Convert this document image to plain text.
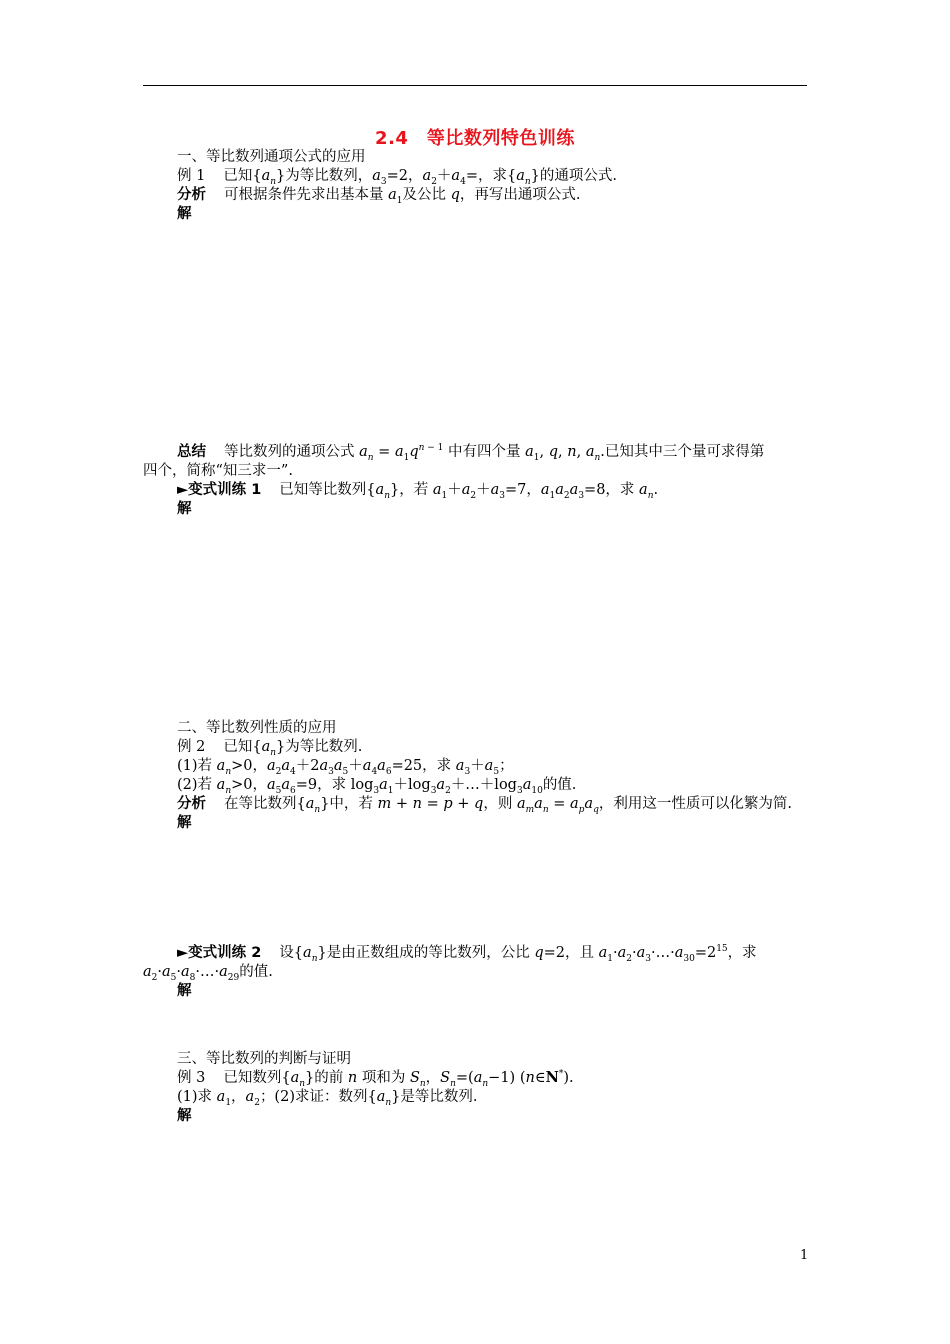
2.4　等比数列特色训练
一、等比数列通项公式的应用
例 1 已知$\{a_n\}$为等比数列，$a_3=2$，$a_2+a_4=$，求$\{a_n\}$的通项公式.
分析 可根据条件先求出基本量 $a_1$及公比 q，再写出通项公式.
解
总结 等比数列的通项公式 $a_n = a_1q^{n - 1}$ 中有四个量 $a_1$, q, n, $a_n$.已知其中三个量可求得第
四个，简称“知三求一”.
►变式训练 1 已知等比数列$\{a_n\}$，若 $a_1+a_2+a_3=7$，$a_1a_2a_3=8$，求 $a_n$.
解
二、等比数列性质的应用
例 2 已知$\{a_n\}$为等比数列.
(1)若 $a_n>0$，$a_2a_4+2a_3a_5+a_4a_6=25$，求 $a_3+a_5$；
(2)若 $a_n>0$，$a_5a_6=9$，求 $\log_3a_1+\log_3a_2+\dots+\log_3a_{10}$的值.
分析 在等比数列$\{a_n\}$中，若 m + n = p + q，则 $a_ma_n = a_pa_q$，利用这一性质可以化繁为简.
解
►变式训练 2 设$\{a_n\}$是由正数组成的等比数列，公比 q=2，且 $a_1\cdot a_2\cdot a_3\cdot\dots\cdot a_{30}=2^{15}$，求
$a_2\cdot a_5\cdot a_8\cdot\dots\cdot a_{29}$的值.
解
三、等比数列的判断与证明
例 3 已知数列$\{a_n\}$的前 n 项和为 $S_n$，$S_n=(a_n-1)$ (n∈N*).
(1)求 $a_1$，$a_2$；(2)求证：数列$\{a_n\}$是等比数列.
解
1
